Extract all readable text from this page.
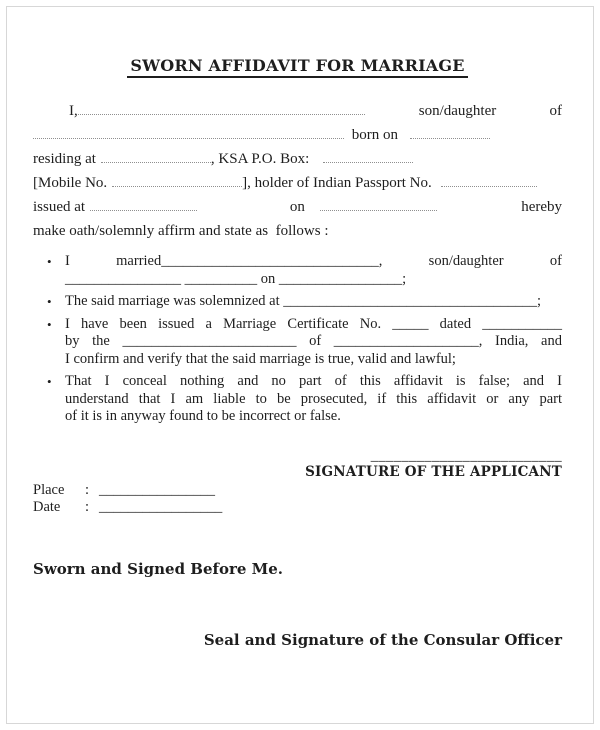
SWORN AFFIDAVIT FOR MARRIAGE
I,	son/daughter	of
born on
residing at	, KSA P.O. Box:
[Mobile No.	], holder of Indian Passport No.
issued at	on	hereby
make oath/solemnly affirm and state as  follows :
• I married______________________________, son/daughter of
________________ __________ on _________________;
• The said marriage was solemnized at ___________________________________;
• I have been issued a Marriage Certificate No. _____ dated ___________
by the ________________________ of ____________________, India, and
I confirm and verify that the said marriage is true, valid and lawful;
• That I conceal nothing and no part of this affidavit is false; and I
understand that I am liable to be prosecuted, if this affidavit or any part
of it is in anyway found to be incorrect or false.
_________________________
SIGNATURE OF THE APPLICANT
Place	: ________________
Date	: _________________
Sworn and Signed Before Me.
Seal and Signature of the Consular Officer
